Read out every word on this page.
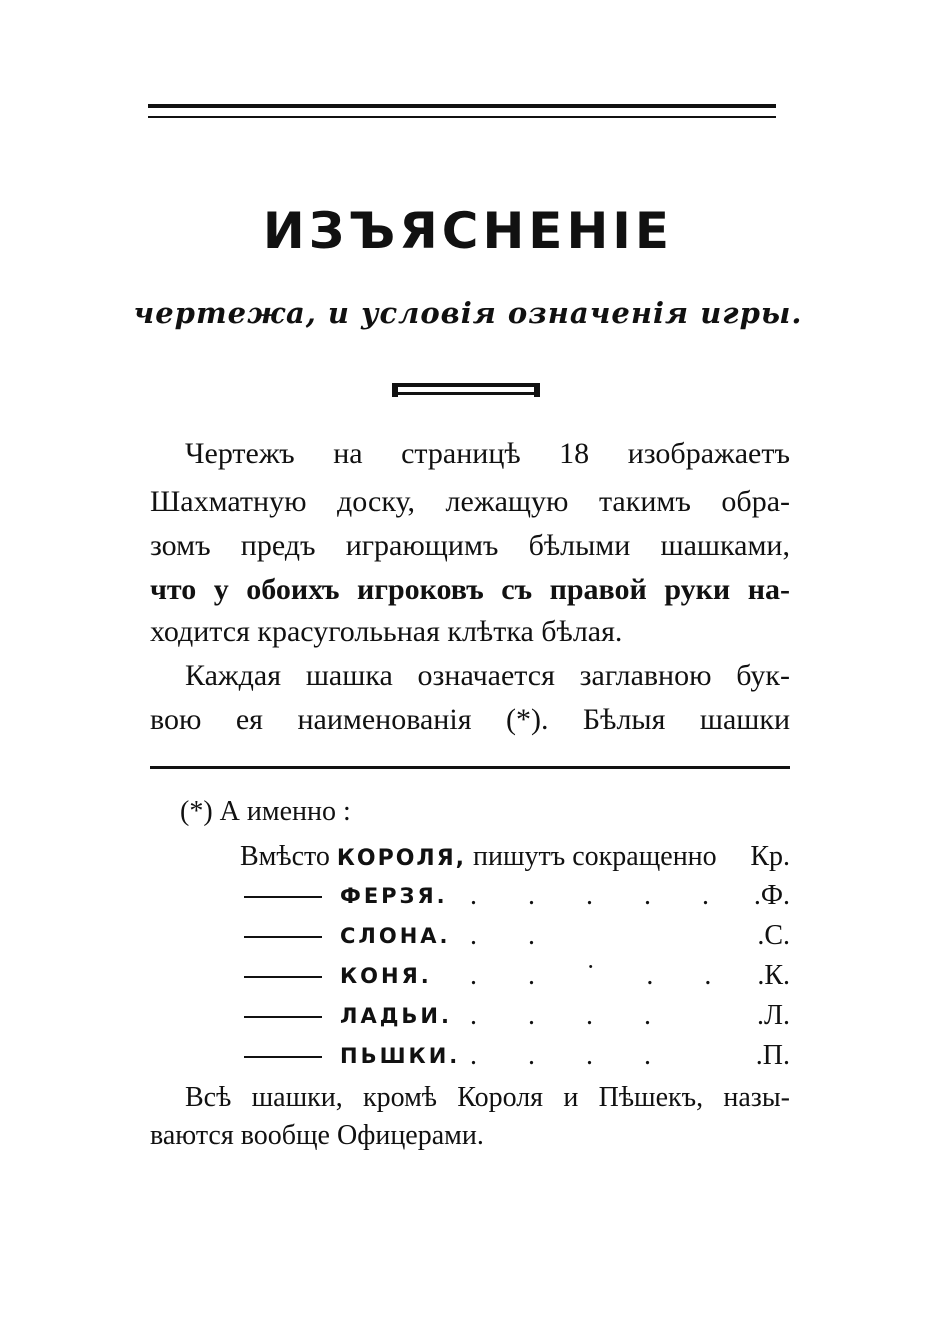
ИЗЪЯСНЕНІЕ
чертежа, и условія означенія игры.
Чертежъ на страницѣ 18 изображаетъ
Шахматную доску, лежащую такимъ обра-
зомъ предъ играющимъ бѣлыми шашками,
что у обоихъ игроковъ съ правой руки на-
ходится красуголььная клѣтка бѣлая.
Каждая шашка означается заглавною бук-
вою ея наименованія (*). Бѣлыя шашки
(*) А именно :
Вмѣсто КОРОЛЯ, пишутъ сокращенно Кр.
ФЕРЗЯ. . . . . . .Ф.
СЛОНА. . .	.С.
КОНЯ. . . ˙ . . .К.
ЛАДЬИ. . . . .	.Л.
ПЬШКИ. . . . .	.П.
Всѣ шашки, кромѣ Короля и Пѣшекъ, назы-
ваются вообще Офицерами.
